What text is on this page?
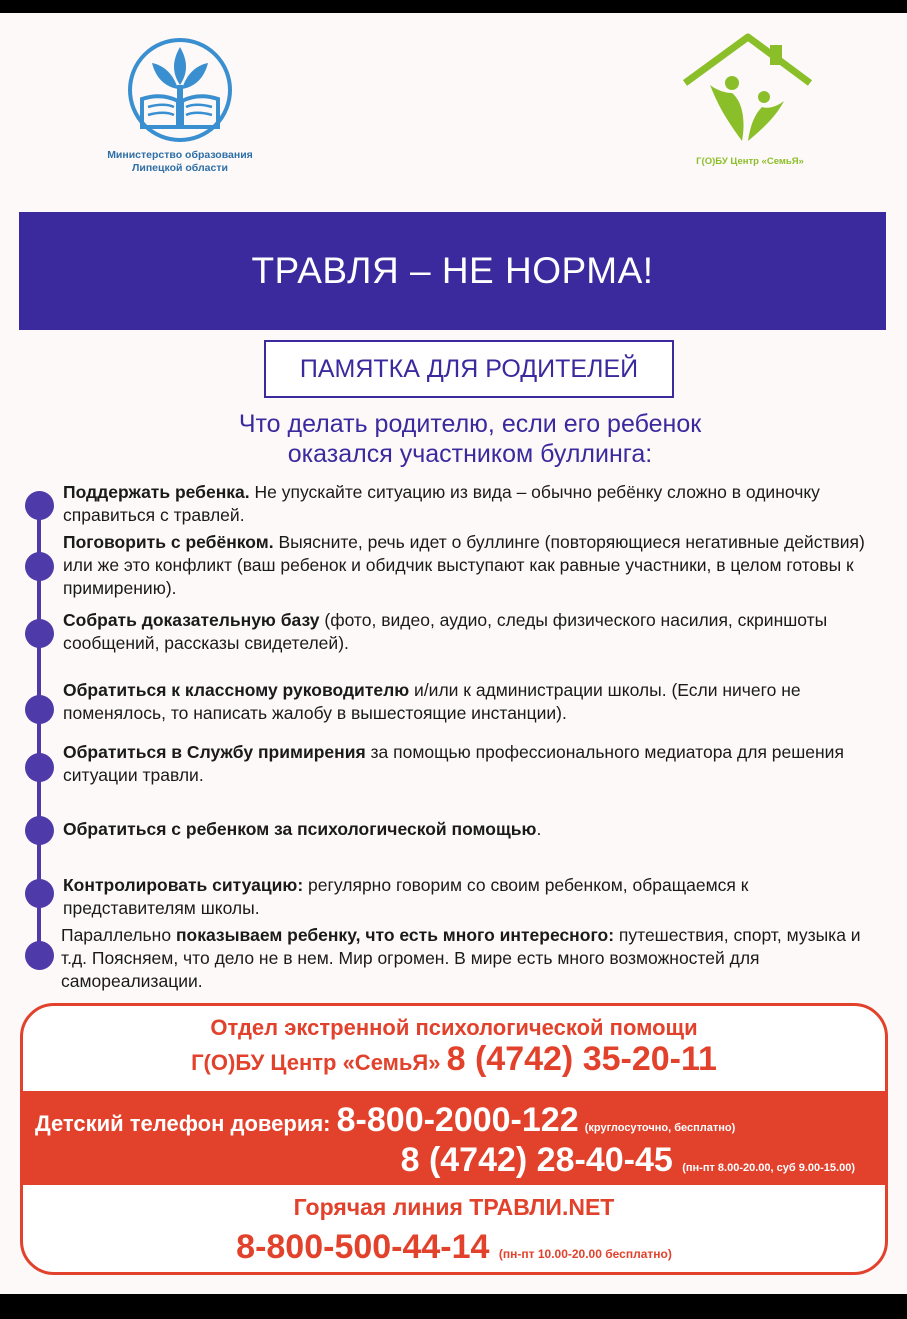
Министерство образования
Липецкой области
Г(О)БУ Центр «СемьЯ»
ТРАВЛЯ – НЕ НОРМА!
ПАМЯТКА ДЛЯ РОДИТЕЛЕЙ
Что делать родителю, если его ребенок
оказался участником буллинга:
Поддержать ребенка. Не упускайте ситуацию из вида – обычно ребёнку сложно в одиночку справиться с травлей.
Поговорить с ребёнком. Выясните, речь идет о буллинге (повторяющиеся негативные действия) или же это конфликт (ваш ребенок и обидчик выступают как равные участники, в целом готовы к примирению).
Собрать доказательную базу (фото, видео, аудио, следы физического насилия, скриншоты сообщений, рассказы свидетелей).
Обратиться к классному руководителю и/или к администрации школы. (Если ничего не поменялось, то написать жалобу в вышестоящие инстанции).
Обратиться в Службу примирения за помощью профессионального медиатора для решения ситуации травли.
Обратиться с ребенком за психологической помощью.
Контролировать ситуацию: регулярно говорим со своим ребенком, обращаемся к представителям школы.
Параллельно показываем ребенку, что есть много интересного: путешествия, спорт, музыка и т.д. Поясняем, что дело не в нем. Мир огромен. В мире есть много возможностей для самореализации.
Отдел экстренной психологической помощи
Г(О)БУ Центр «СемьЯ» 8 (4742) 35-20-11
Детский телефон доверия: 8-800-2000-122 (круглосуточно, бесплатно)
8 (4742) 28-40-45 (пн-пт 8.00-20.00, суб 9.00-15.00)
Горячая линия ТРАВЛИ.NET
8-800-500-44-14 (пн-пт 10.00-20.00 бесплатно)
